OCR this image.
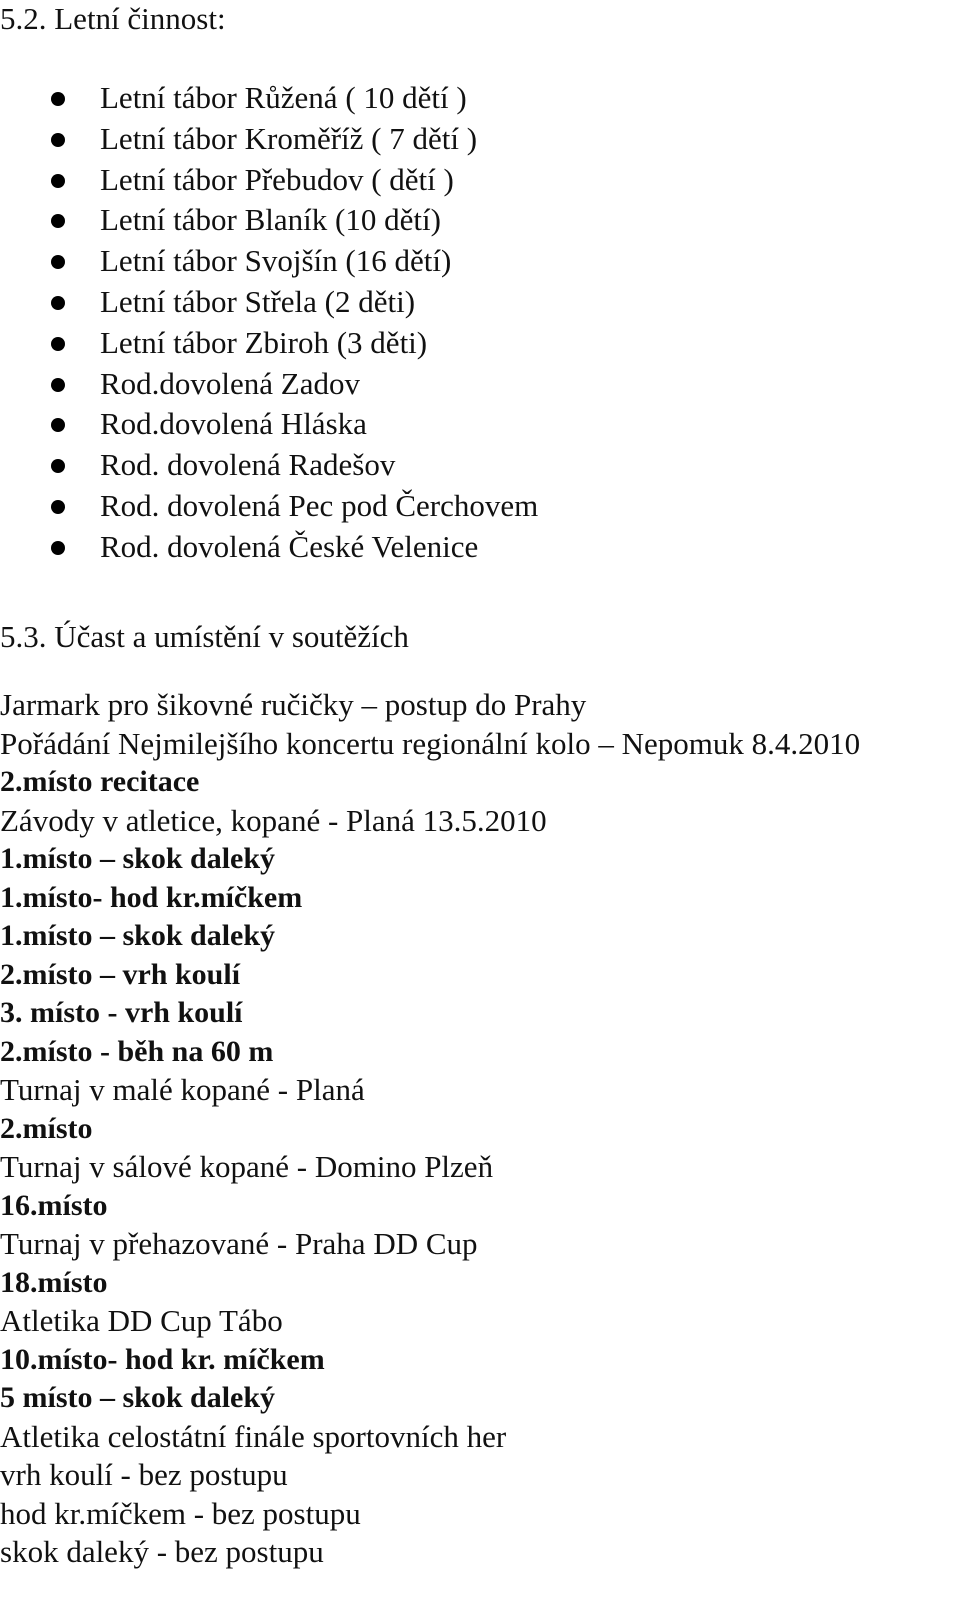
5.2. Letní činnost:
Letní tábor Růžená ( 10 dětí )
Letní tábor Kroměříž ( 7 dětí )
Letní tábor Přebudov ( dětí )
Letní tábor Blaník (10 dětí)
Letní tábor Svojšín (16 dětí)
Letní tábor Střela (2 děti)
Letní tábor Zbiroh (3 děti)
Rod.dovolená Zadov
Rod.dovolená Hláska
Rod. dovolená Radešov
Rod. dovolená Pec pod Čerchovem
Rod. dovolená České Velenice
5.3. Účast a umístění v soutěžích
Jarmark pro šikovné ručičky – postup do Prahy
Pořádání Nejmilejšího koncertu regionální kolo – Nepomuk 8.4.2010
2.místo recitace
Závody v atletice, kopané - Planá 13.5.2010
1.místo – skok daleký
1.místo- hod kr.míčkem
1.místo – skok daleký
2.místo – vrh koulí
3. místo - vrh koulí
2.místo - běh na 60 m
Turnaj v malé kopané - Planá
2.místo
Turnaj v sálové kopané - Domino Plzeň
16.místo
Turnaj v přehazované - Praha DD Cup
18.místo
Atletika DD Cup Tábo
10.místo- hod kr. míčkem
5 místo – skok daleký
Atletika celostátní finále sportovních her
vrh koulí - bez postupu
hod kr.míčkem - bez postupu
skok daleký - bez postupu
